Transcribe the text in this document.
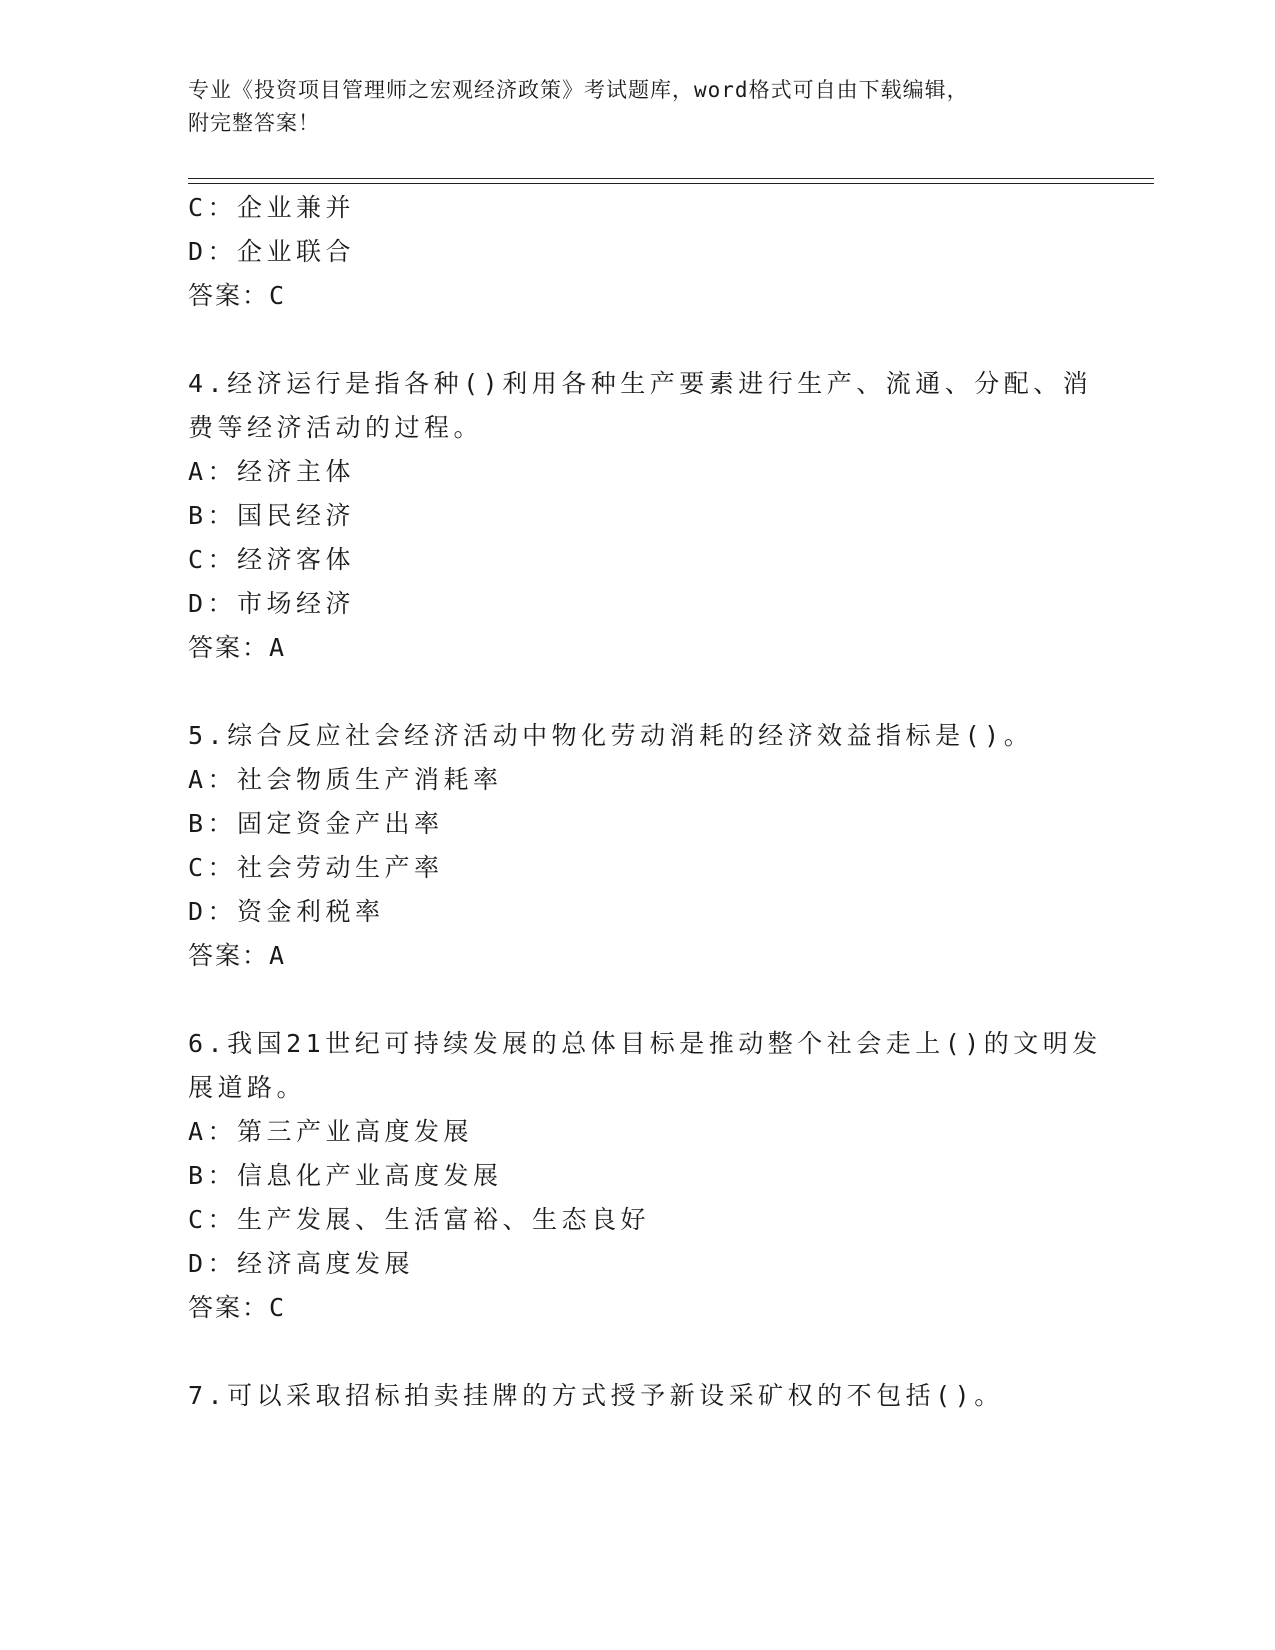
专业《投资项目管理师之宏观经济政策》考试题库，word格式可自由下载编辑，
附完整答案！
C：企业兼并
D：企业联合
答案：C
4.经济运行是指各种()利用各种生产要素进行生产、流通、分配、消
费等经济活动的过程。
A：经济主体
B：国民经济
C：经济客体
D：市场经济
答案：A
5.综合反应社会经济活动中物化劳动消耗的经济效益指标是()。
A：社会物质生产消耗率
B：固定资金产出率
C：社会劳动生产率
D：资金利税率
答案：A
6.我国21世纪可持续发展的总体目标是推动整个社会走上()的文明发
展道路。
A：第三产业高度发展
B：信息化产业高度发展
C：生产发展、生活富裕、生态良好
D：经济高度发展
答案：C
7.可以采取招标拍卖挂牌的方式授予新设采矿权的不包括()。
